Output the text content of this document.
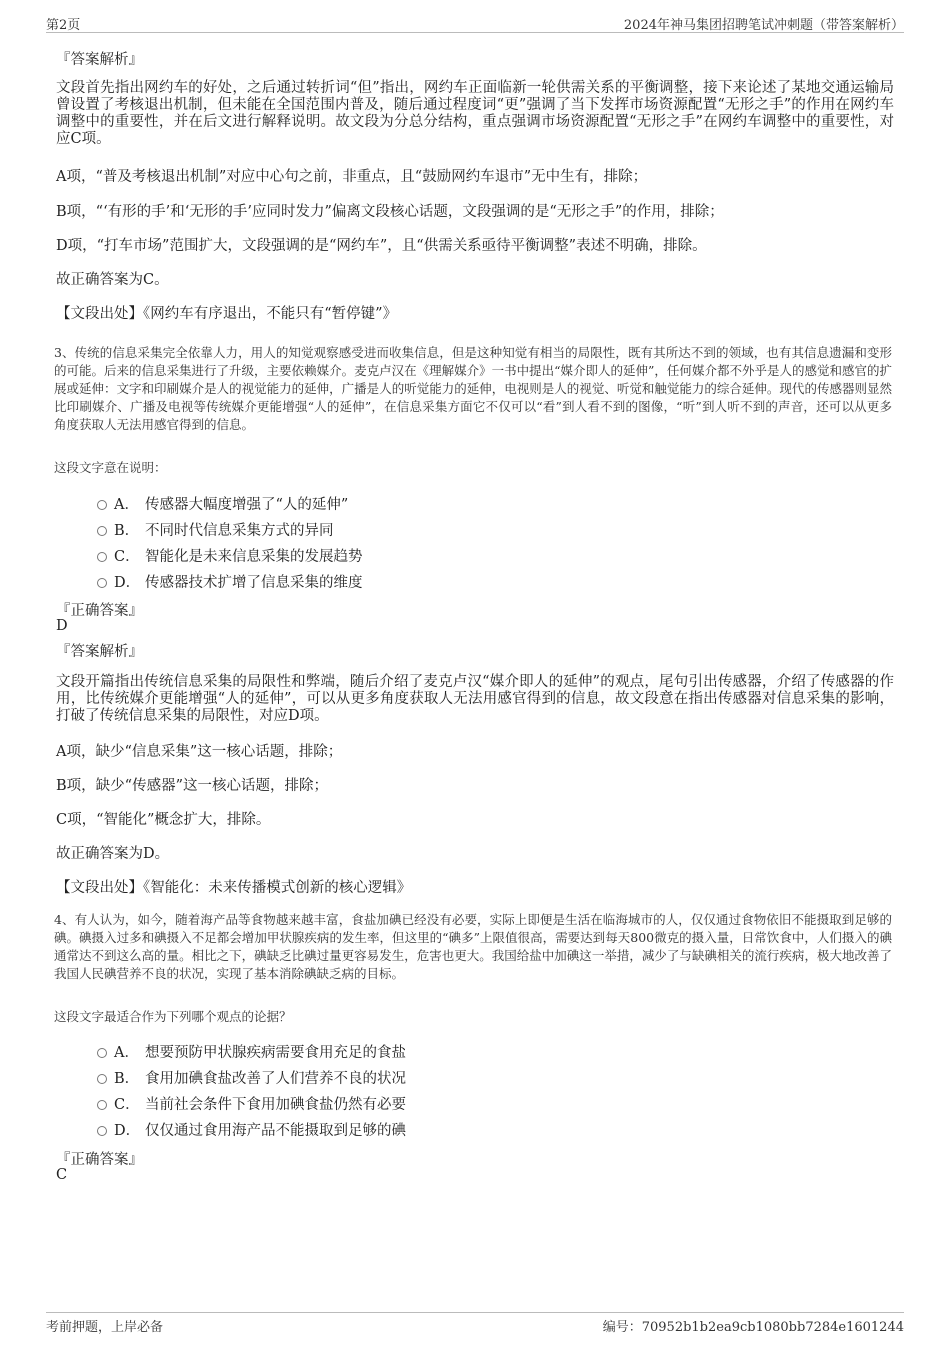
第2页	2024年神马集团招聘笔试冲刺题（带答案解析）
『答案解析』
文段首先指出网约车的好处，之后通过转折词“但”指出，网约车正面临新一轮供需关系的平衡调整，接下来论述了某地交通运输局曾设置了考核退出机制，但未能在全国范围内普及，随后通过程度词“更”强调了当下发挥市场资源配置“无形之手”的作用在网约车调整中的重要性，并在后文进行解释说明。故文段为分总分结构，重点强调市场资源配置“无形之手”在网约车调整中的重要性，对应C项。
A项，“普及考核退出机制”对应中心句之前，非重点，且“鼓励网约车退市”无中生有，排除；
B项，“‘有形的手’和‘无形的手’应同时发力”偏离文段核心话题，文段强调的是“无形之手”的作用，排除；
D项，“打车市场”范围扩大，文段强调的是“网约车”，且“供需关系亟待平衡调整”表述不明确，排除。
故正确答案为C。
【文段出处】《网约车有序退出，不能只有“暂停键”》
3、传统的信息采集完全依靠人力，用人的知觉观察感受进而收集信息，但是这种知觉有相当的局限性，既有其所达不到的领域，也有其信息遗漏和变形的可能。后来的信息采集进行了升级，主要依赖媒介。麦克卢汉在《理解媒介》一书中提出“媒介即人的延伸”，任何媒介都不外乎是人的感觉和感官的扩展或延伸：文字和印刷媒介是人的视觉能力的延伸，广播是人的听觉能力的延伸，电视则是人的视觉、听觉和触觉能力的综合延伸。现代的传感器则显然比印刷媒介、广播及电视等传统媒介更能增强“人的延伸”，在信息采集方面它不仅可以“看”到人看不到的图像，“听”到人听不到的声音，还可以从更多角度获取人无法用感官得到的信息。
这段文字意在说明：
A． 传感器大幅度增强了“人的延伸”
B． 不同时代信息采集方式的异同
C． 智能化是未来信息采集的发展趋势
D． 传感器技术扩增了信息采集的维度
『正确答案』
D
『答案解析』
文段开篇指出传统信息采集的局限性和弊端，随后介绍了麦克卢汉“媒介即人的延伸”的观点，尾句引出传感器，介绍了传感器的作用，比传统媒介更能增强“人的延伸”，可以从更多角度获取人无法用感官得到的信息，故文段意在指出传感器对信息采集的影响，打破了传统信息采集的局限性，对应D项。
A项，缺少“信息采集”这一核心话题，排除；
B项，缺少“传感器”这一核心话题，排除；
C项，“智能化”概念扩大，排除。
故正确答案为D。
【文段出处】《智能化：未来传播模式创新的核心逻辑》
4、有人认为，如今，随着海产品等食物越来越丰富，食盐加碘已经没有必要，实际上即便是生活在临海城市的人，仅仅通过食物依旧不能摄取到足够的碘。碘摄入过多和碘摄入不足都会增加甲状腺疾病的发生率，但这里的“碘多”上限值很高，需要达到每天800微克的摄入量，日常饮食中，人们摄入的碘通常达不到这么高的量。相比之下，碘缺乏比碘过量更容易发生，危害也更大。我国给盐中加碘这一举措，减少了与缺碘相关的流行疾病，极大地改善了我国人民碘营养不良的状况，实现了基本消除碘缺乏病的目标。
这段文字最适合作为下列哪个观点的论据？
A． 想要预防甲状腺疾病需要食用充足的食盐
B． 食用加碘食盐改善了人们营养不良的状况
C． 当前社会条件下食用加碘食盐仍然有必要
D． 仅仅通过食用海产品不能摄取到足够的碘
『正确答案』
C
考前押题，上岸必备	编号：70952b1b2ea9cb1080bb7284e1601244
